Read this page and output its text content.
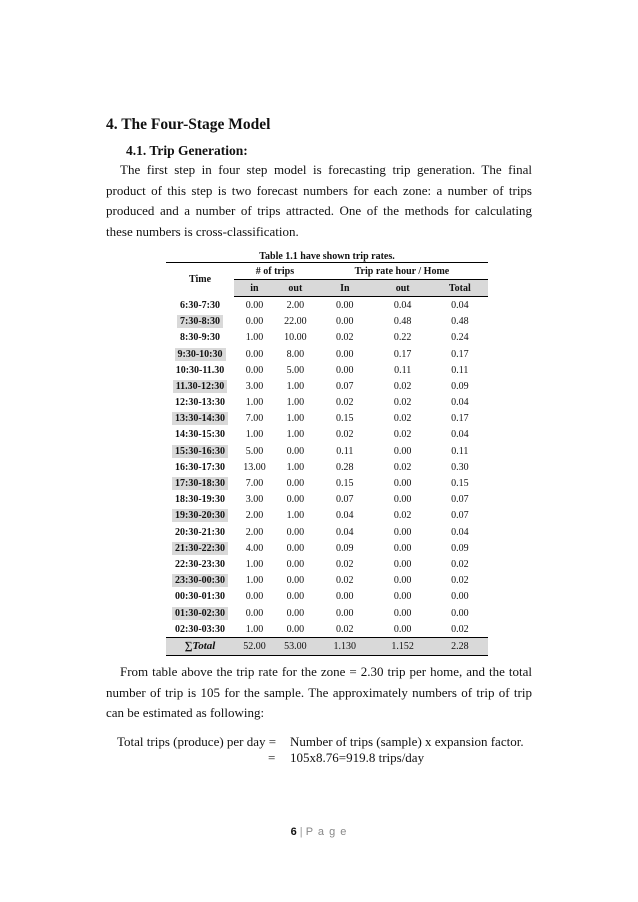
4. The Four-Stage Model
4.1. Trip Generation:

The first step in four step model is forecasting trip generation. The final product of this step is two forecast numbers for each zone: a number of trips produced and a number of trips attracted. One of the methods for calculating these numbers is cross-classification.

Table 1.1 have shown trip rates.
Time	# of trips		Trip rate hour / Home		
	in	out	In	out	Total
6:30-7:30	0.00	2.00	0.00	0.04	0.04
7:30-8:30	0.00	22.00	0.00	0.48	0.48
8:30-9:30	1.00	10.00	0.02	0.22	0.24
9:30-10:30	0.00	8.00	0.00	0.17	0.17
10:30-11.30	0.00	5.00	0.00	0.11	0.11
11.30-12:30	3.00	1.00	0.07	0.02	0.09
12:30-13:30	1.00	1.00	0.02	0.02	0.04
13:30-14:30	7.00	1.00	0.15	0.02	0.17
14:30-15:30	1.00	1.00	0.02	0.02	0.04
15:30-16:30	5.00	0.00	0.11	0.00	0.11
16:30-17:30	13.00	1.00	0.28	0.02	0.30
17:30-18:30	7.00	0.00	0.15	0.00	0.15
18:30-19:30	3.00	0.00	0.07	0.00	0.07
19:30-20:30	2.00	1.00	0.04	0.02	0.07
20:30-21:30	2.00	0.00	0.04	0.00	0.04
21:30-22:30	4.00	0.00	0.09	0.00	0.09
22:30-23:30	1.00	0.00	0.02	0.00	0.02
23:30-00:30	1.00	0.00	0.02	0.00	0.02
00:30-01:30	0.00	0.00	0.00	0.00	0.00
01:30-02:30	0.00	0.00	0.00	0.00	0.00
02:30-03:30	1.00	0.00	0.02	0.00	0.02
∑Total	52.00	53.00	1.130	1.152	2.28

From table above the trip rate for the zone = 2.30 trip per home, and the total number of trip is 105 for the sample. The approximately numbers of trip of trip can be estimated as following:

Total trips (produce) per day = Number of trips (sample) x expansion factor.
= 105x8.76=919.8 trips/day
6 | P a g e
